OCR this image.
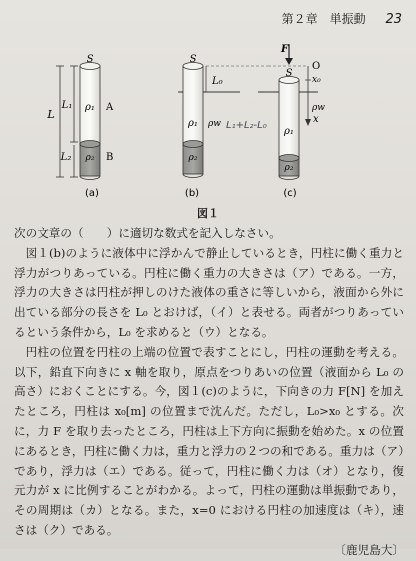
第２章　単振動 23
S
L
L₁
L₂
ρ₁
ρ₂
A
B
(a)
S
L₀
ρ₁ ρw
ρ₂
L₁+L₂-L₀
(b)
F
S
O
x₀
x
ρw
ρ₁
ρ₂
(c)
図１

次の文章の（　　）に適切な数式を記入しなさい。

図１(b)のように液体中に浮かんで静止しているとき，円柱に働く重力と浮力がつりあっている。円柱に働く重力の大きさは（ア）である。一方，浮力の大きさは円柱が押しのけた液体の重さに等しいから，液面から外に出ている部分の長さを L₀ とおけば，（イ）と表せる。両者がつりあっているという条件から，L₀ を求めると（ウ）となる。

円柱の位置を円柱の上端の位置で表すことにし，円柱の運動を考える。以下，鉛直下向きに x 軸を取り，原点をつりあいの位置（液面から L₀ の高さ）におくことにする。今，図１(c)のように，下向きの力 F[N] を加えたところ，円柱は x₀[m] の位置まで沈んだ。ただし，L₀>x₀ とする。次に，力 F を取り去ったところ，円柱は上下方向に振動を始めた。x の位置にあるとき，円柱に働く力は，重力と浮力の２つの和である。重力は（ア）であり，浮力は（エ）である。従って，円柱に働く力は（オ）となり，復元力が x に比例することがわかる。よって，円柱の運動は単振動であり，その周期は（カ）となる。また，x=0 における円柱の加速度は（キ），速さは（ク）である。

〔鹿児島大〕
